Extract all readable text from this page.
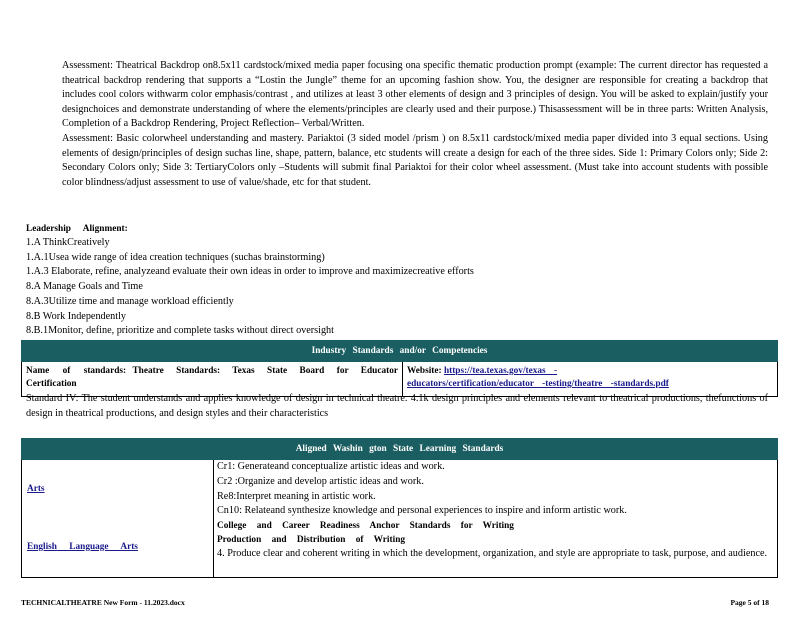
Assessment: Theatrical Backdrop on8.5x11 cardstock/mixed media paper focusing ona specific thematic production prompt (example: The current director has requested a theatrical backdrop rendering that supports a “Lostin the Jungle” theme for an upcoming fashion show. You, the designer are responsible for creating a backdrop that includes cool colors withwarm color emphasis/contrast , and utilizes at least 3 other elements of design and 3 principles of design. You will be asked to explain/justify your designchoices and demonstrate understanding of where the elements/principles are clearly used and their purpose.) Thisassessment will be in three parts: Written Analysis, Completion of a Backdrop Rendering, Project Reflection– Verbal/Written.
Assessment: Basic colorwheel understanding and mastery. Pariaktoi (3 sided model /prism ) on 8.5x11 cardstock/mixed media paper divided into 3 equal sections. Using elements of design/principles of design suchas line, shape, pattern, balance, etc students will create a design for each of the three sides. Side 1: Primary Colors only; Side 2: Secondary Colors only; Side 3: TertiaryColors only –Students will submit final Pariaktoi for their color wheel assessment. (Must take into account students with possible color blindness/adjust assessment to use of value/shade, etc for that student.
Leadership Alignment:
1.A ThinkCreatively
1.A.1Usea wide range of idea creation techniques (suchas brainstorming)
1.A.3 Elaborate, refine, analyzeand evaluate their own ideas in order to improve and maximizecreative efforts
8.A Manage Goals and Time
8.A.3Utilize time and manage workload efficiently
8.B Work Independently
8.B.1Monitor, define, prioritize and complete tasks without direct oversight
Industry Standards and/or Competencies
Name of standards: Theatre Standards: Texas State Board for Educator Certification
Website: https://tea.texas.gov/texas -
educators/certification/educator -testing/theatre -standards.pdf
Standard IV: The student understands and applies knowledge of design in technical theatre. 4.1k design principles and elements relevant to theatrical productions, thefunctions of design in theatrical productions, and design styles and their characteristics
Aligned Washin gton State Learning Standards
Arts
English Language Arts
Cr1: Generateand conceptualize artistic ideas and work.
Cr2 :Organize and develop artistic ideas and work.
Re8:Interpret meaning in artistic work.
Cn10: Relateand synthesize knowledge and personal experiences to inspire and inform artistic work.
College and Career Readiness Anchor Standards for Writing
Production and Distribution of Writing
4. Produce clear and coherent writing in which the development, organization, and style are appropriate to task, purpose, and audience.
TECHNICALTHEATRE New Form - 11.2023.docx	Page 5 of 18
